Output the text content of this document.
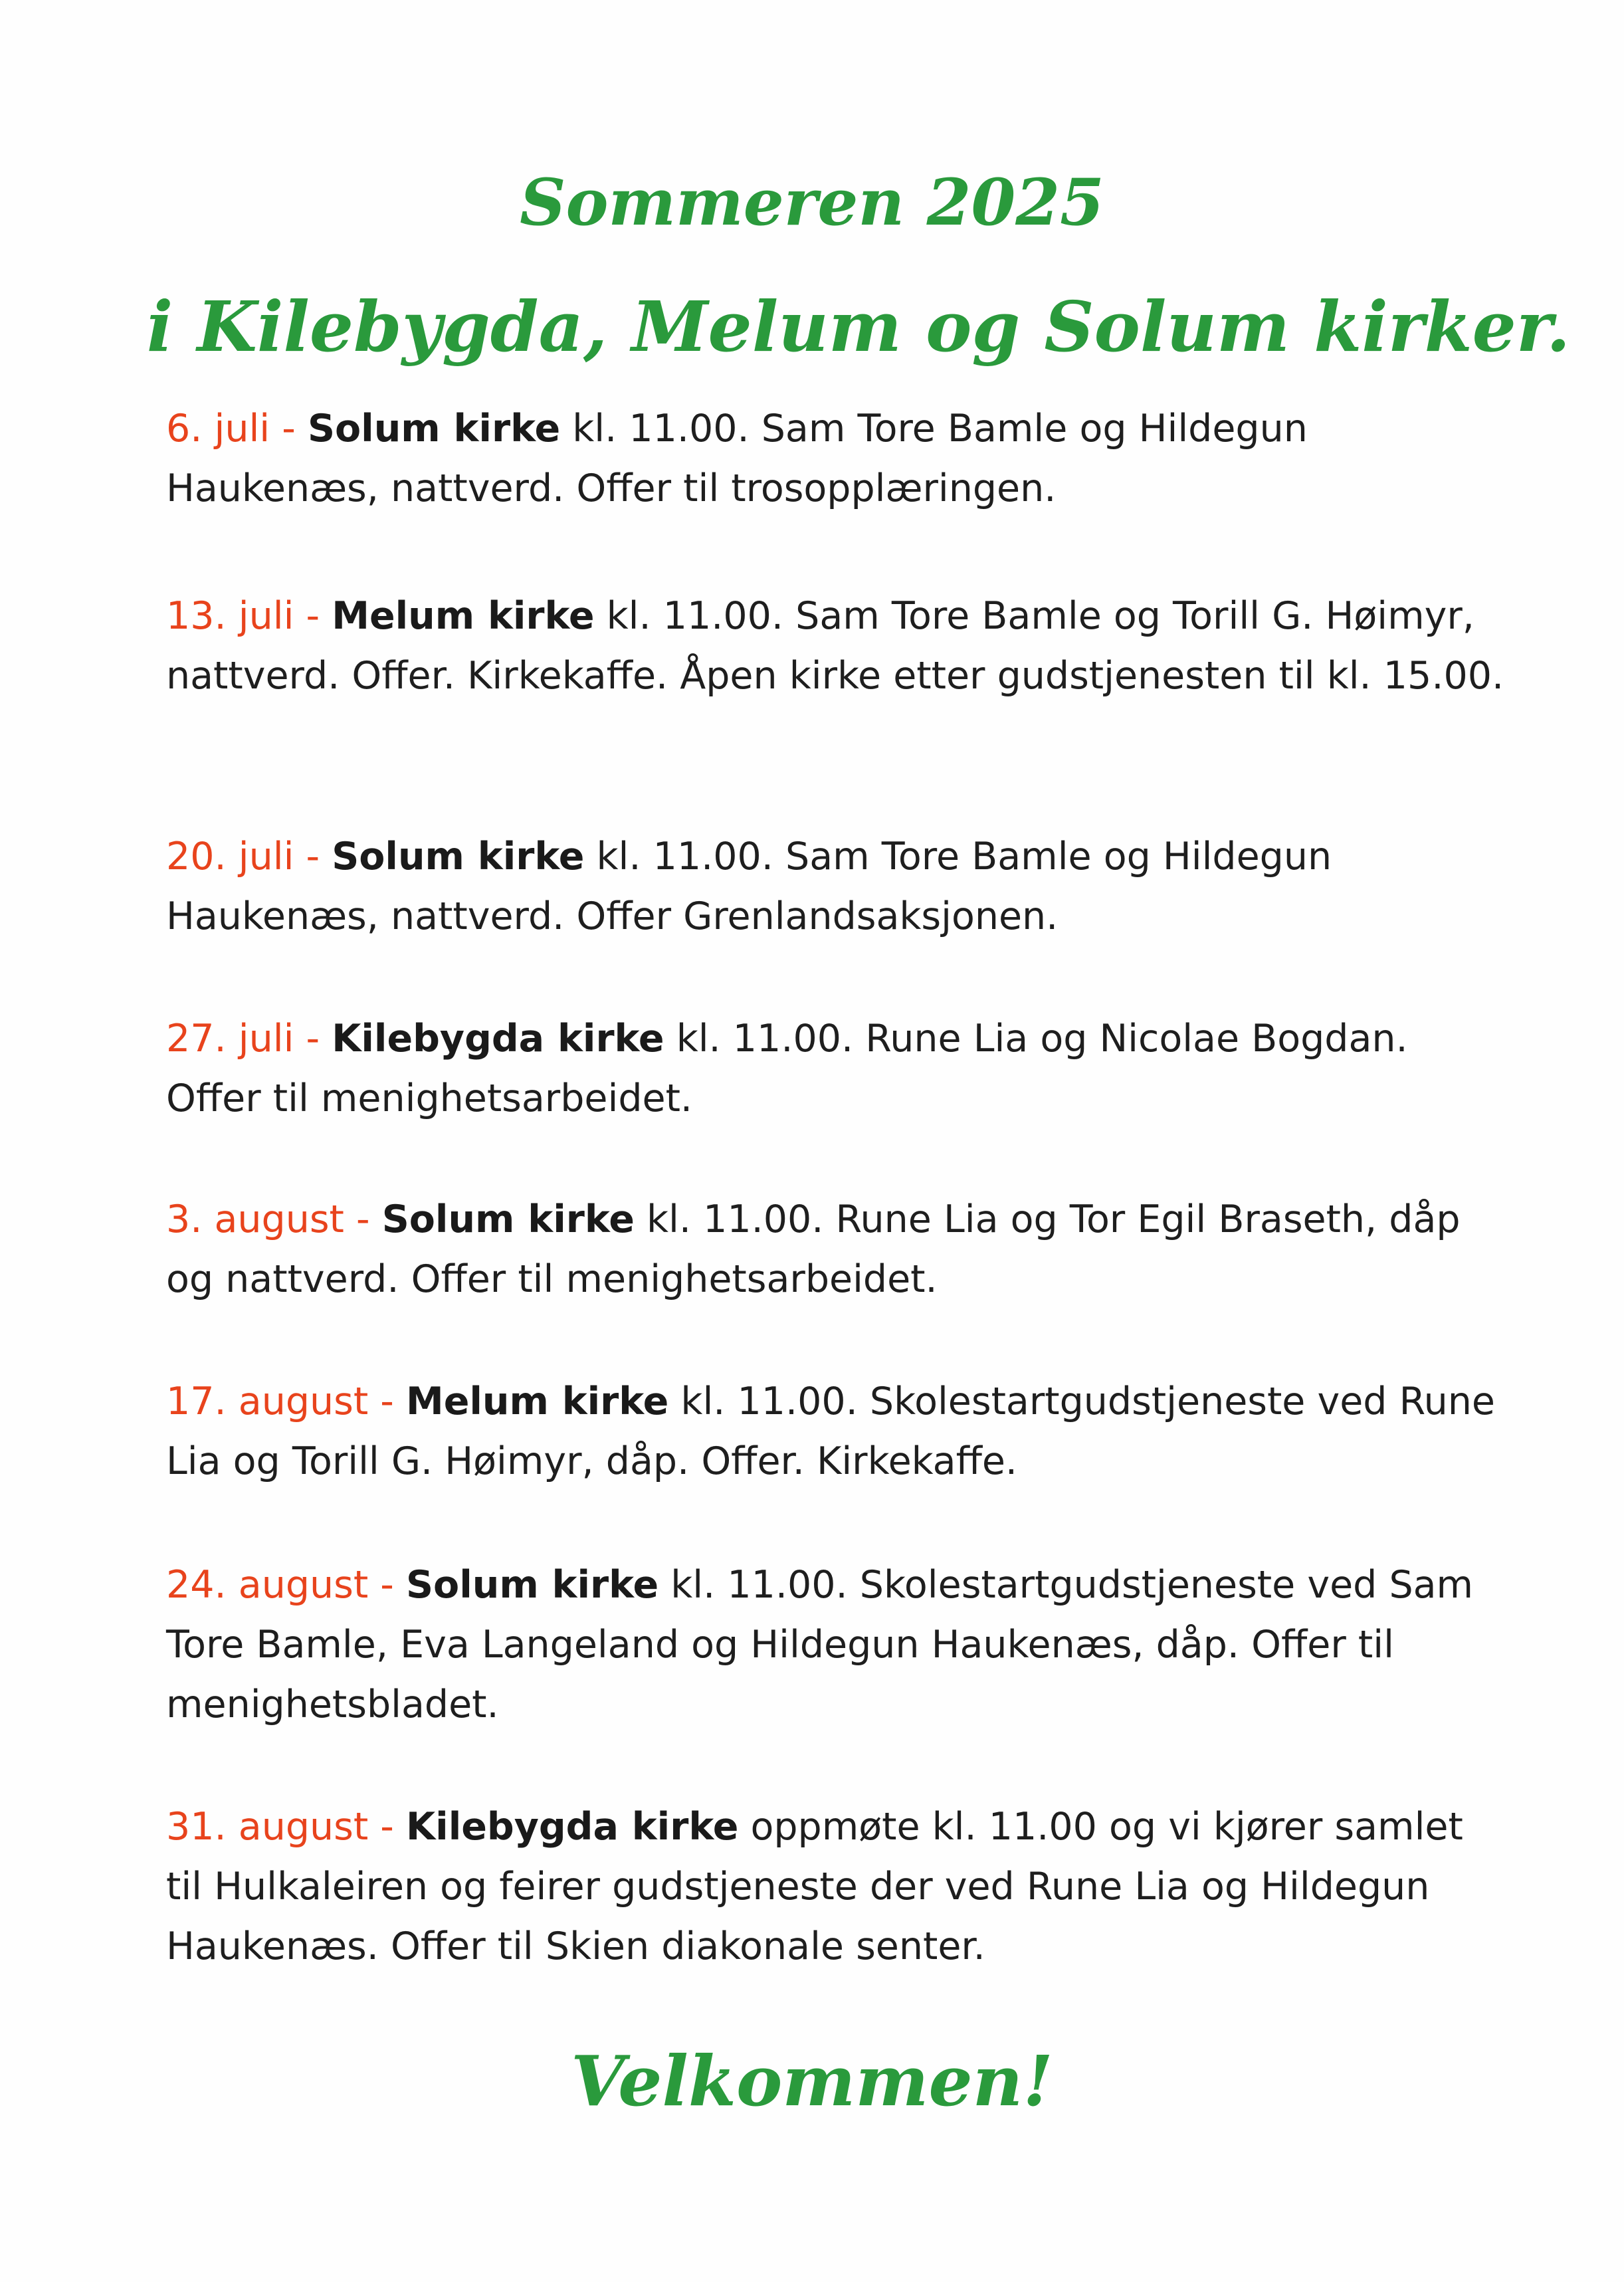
Sommeren 2025
i Kilebygda, Melum og Solum kirker.

6. juli - Solum kirke kl. 11.00. Sam Tore Bamle og Hildegun Haukenæs, nattverd. Offer til trosopplæringen.

13. juli - Melum kirke kl. 11.00. Sam Tore Bamle og Torill G. Høimyr, nattverd. Offer. Kirkekaffe. Åpen kirke etter gudstjenesten til kl. 15.00.

20. juli - Solum kirke kl. 11.00. Sam Tore Bamle og Hildegun Haukenæs, nattverd. Offer Grenlandsaksjonen.

27. juli - Kilebygda kirke kl. 11.00. Rune Lia og Nicolae Bogdan. Offer til menighetsarbeidet.

3. august - Solum kirke kl. 11.00. Rune Lia og Tor Egil Braseth, dåp og nattverd. Offer til menighetsarbeidet.

17. august - Melum kirke kl. 11.00. Skolestartgudstjeneste ved Rune Lia og Torill G. Høimyr, dåp. Offer. Kirkekaffe.

24. august - Solum kirke kl. 11.00. Skolestartgudstjeneste ved Sam Tore Bamle, Eva Langeland og Hildegun Haukenæs, dåp. Offer til menighetsbladet.

31. august - Kilebygda kirke oppmøte kl. 11.00 og vi kjører samlet til Hulkaleiren og feirer gudstjeneste der ved Rune Lia og Hildegun Haukenæs. Offer til Skien diakonale senter.

Velkommen!
